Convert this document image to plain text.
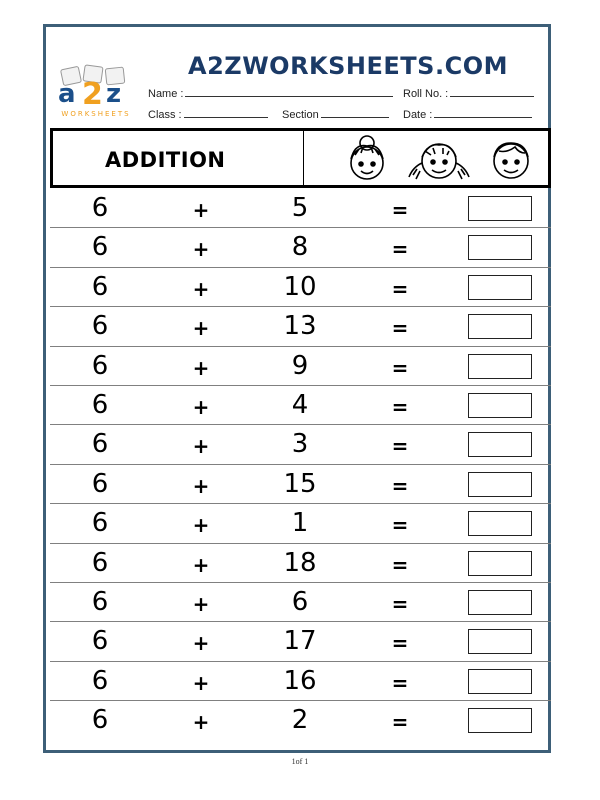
a 2 z
WORKSHEETS
A2ZWORKSHEETS.COM
Name :	Roll No. :
Class :	Section	Date :
ADDITION
6	+	5	=
6	+	8	=
6	+	10	=
6	+	13	=
6	+	9	=
6	+	4	=
6	+	3	=
6	+	15	=
6	+	1	=
6	+	18	=
6	+	6	=
6	+	17	=
6	+	16	=
6	+	2	=
1of 1
